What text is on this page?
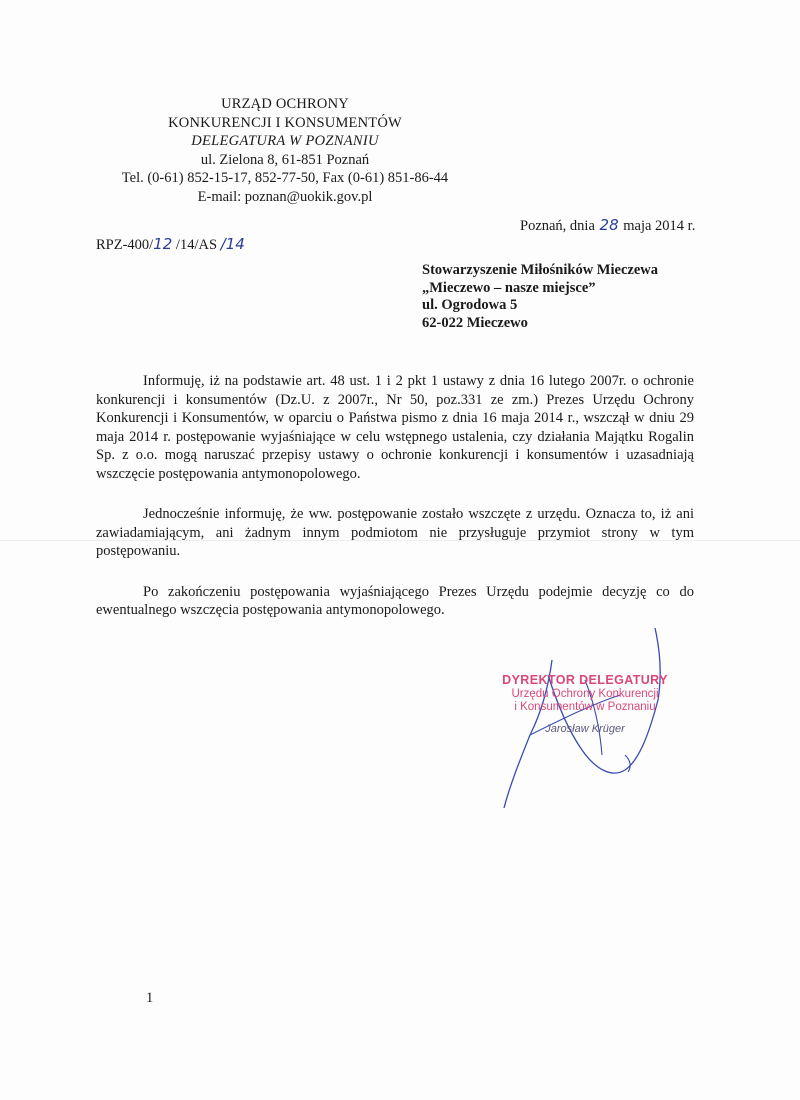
URZĄD OCHRONY
KONKURENCJI I KONSUMENTÓW
DELEGATURA W POZNANIU
ul. Zielona 8, 61-851 Poznań
Tel. (0-61) 852-15-17, 852-77-50, Fax (0-61) 851-86-44
E-mail: poznan@uokik.gov.pl
Poznań, dnia 28 maja 2014 r.
RPZ-400/12 /14/AS /14
Stowarzyszenie Miłośników Mieczewa
„Mieczewo – nasze miejsce”
ul. Ogrodowa 5
62-022 Mieczewo

Informuję, iż na podstawie art. 48 ust. 1 i 2 pkt 1 ustawy z dnia 16 lutego 2007r. o ochronie konkurencji i konsumentów (Dz.U. z 2007r., Nr 50, poz.331 ze zm.) Prezes Urzędu Ochrony Konkurencji i Konsumentów, w oparciu o Państwa pismo z dnia 16 maja 2014 r., wszczął w dniu 29 maja 2014 r. postępowanie wyjaśniające w celu wstępnego ustalenia, czy działania Majątku Rogalin Sp. z o.o. mogą naruszać przepisy ustawy o ochronie konkurencji i konsumentów i uzasadniają wszczęcie postępowania antymonopolowego.

Jednocześnie informuję, że ww. postępowanie zostało wszczęte z urzędu. Oznacza to, iż ani zawiadamiającym, ani żadnym innym podmiotom nie przysługuje przymiot strony w tym postępowaniu.

Po zakończeniu postępowania wyjaśniającego Prezes Urzędu podejmie decyzję co do ewentualnego wszczęcia postępowania antymonopolowego.

DYREKTOR DELEGATURY
Urzędu Ochrony Konkurencji
i Konsumentów w Poznaniu
Jarosław Krüger
1
